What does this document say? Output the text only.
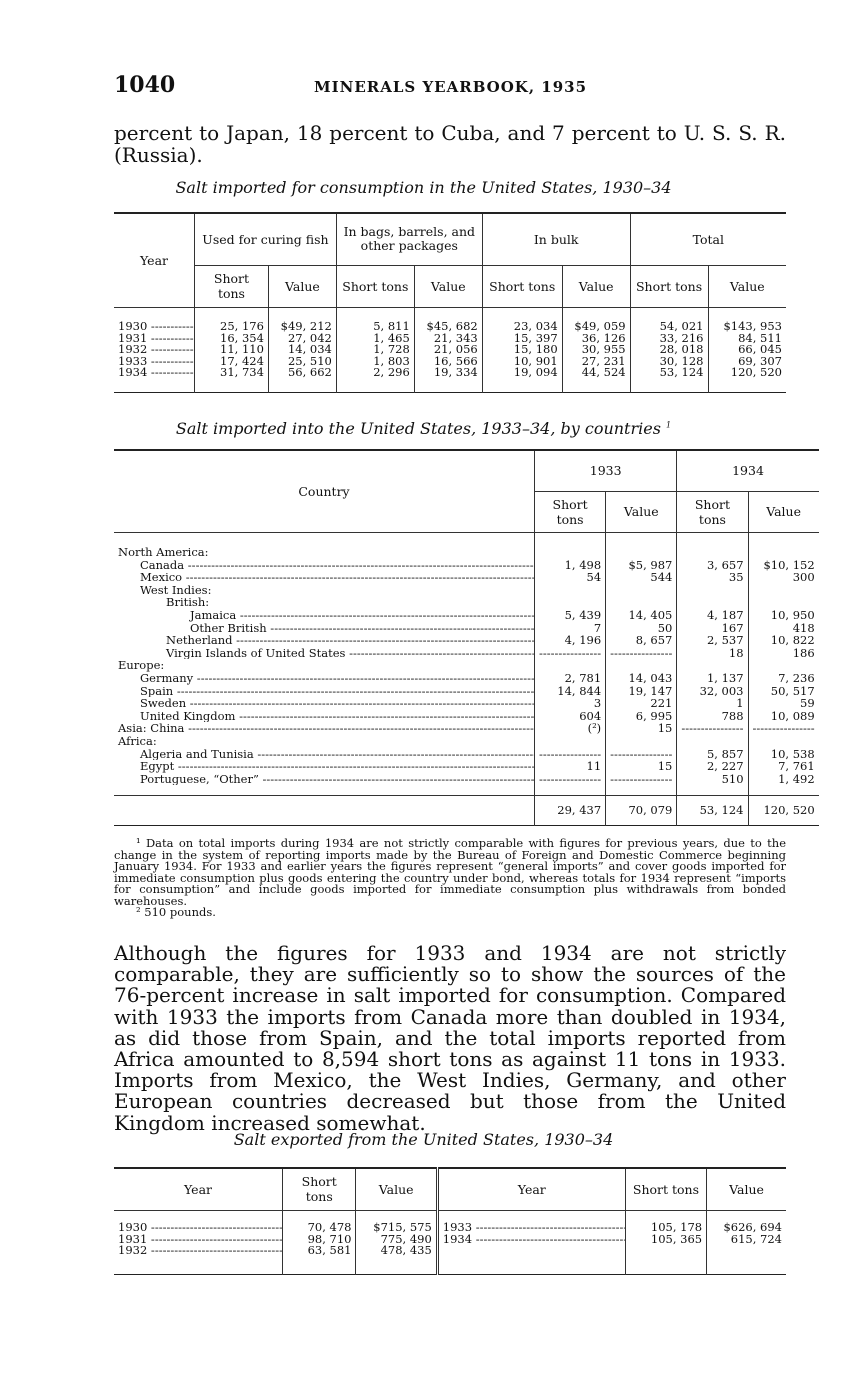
1040	MINERALS YEARBOOK, 1935
percent to Japan, 18 percent to Cuba, and 7 percent to U. S. S. R. (Russia).
Salt imported for consumption in the United States, 1930–34
Year	Used for curing fish		In bags, barrels, and other packages		In bulk		Total	
	Short tons	Value	Short tons	Value	Short tons	Value	Short tons	Value

1930 -----	25, 176	$49, 212	5, 811	$45, 682	23, 034	$49, 059	54, 021	$143, 953
1931 -----	16, 354	27, 042	1, 465	21, 343	15, 397	36, 126	33, 216	84, 511
1932 -----	11, 110	14, 034	1, 728	21, 056	15, 180	30, 955	28, 018	66, 045
1933 -----	17, 424	25, 510	1, 803	16, 566	10, 901	27, 231	30, 128	69, 307
1934 -----	31, 734	56, 662	2, 296	19, 334	19, 094	44, 524	53, 124	120, 520

Salt imported into the United States, 1933–34, by countries $^1$
Country	1933		1934	
	Short tons	Value	Short tons	Value

North America:				
Canada -----	1, 498	$5, 987	3, 657	$10, 152
Mexico -----	54	544	35	300
West Indies:				
British:				
Jamaica -----	5, 439	14, 405	4, 187	10, 950
Other British -----	7	50	167	418
Netherland -----	4, 196	8, 657	2, 537	10, 822
Virgin Islands of United States -----	----------------	----------------	18	186
Europe:				
Germany -----	2, 781	14, 043	1, 137	7, 236
Spain -----	14, 844	19, 147	32, 003	50, 517
Sweden -----	3	221	1	59
United Kingdom -----	604	6, 995	788	10, 089
Asia: China -----	(²)	15	----------------	----------------
Africa:				
Algeria and Tunisia -----	----------------	----------------	5, 857	10, 538
Egypt -----	11	15	2, 227	7, 761
Portuguese, “Other” -----	----------------	----------------	510	1, 492

	29, 437	70, 079	53, 124	120, 520

¹ Data on total imports during 1934 are not strictly comparable with figures for previous years, due to the change in the system of reporting imports made by the Bureau of Foreign and Domestic Commerce beginning January 1934. For 1933 and earlier years the figures represent “general imports” and cover goods imported for immediate consumption plus goods entering the country under bond, whereas totals for 1934 represent “imports for consumption” and include goods imported for immediate consumption plus withdrawals from bonded warehouses.

² 510 pounds.

Although the figures for 1933 and 1934 are not strictly comparable, they are sufficiently so to show the sources of the 76-percent increase in salt imported for consumption. Compared with 1933 the imports from Canada more than doubled in 1934, as did those from Spain, and the total imports reported from Africa amounted to 8,594 short tons as against 11 tons in 1933. Imports from Mexico, the West Indies, Germany, and other European countries decreased but those from the United Kingdom increased somewhat.
Salt exported from the United States, 1930–34
Year	Short tons	Value	Year	Short tons	Value

1930 -----	70, 478	$715, 575	1933 -----	105, 178	$626, 694
1931 -----	98, 710	775, 490	1934 -----	105, 365	615, 724
1932 -----	63, 581	478, 435			
